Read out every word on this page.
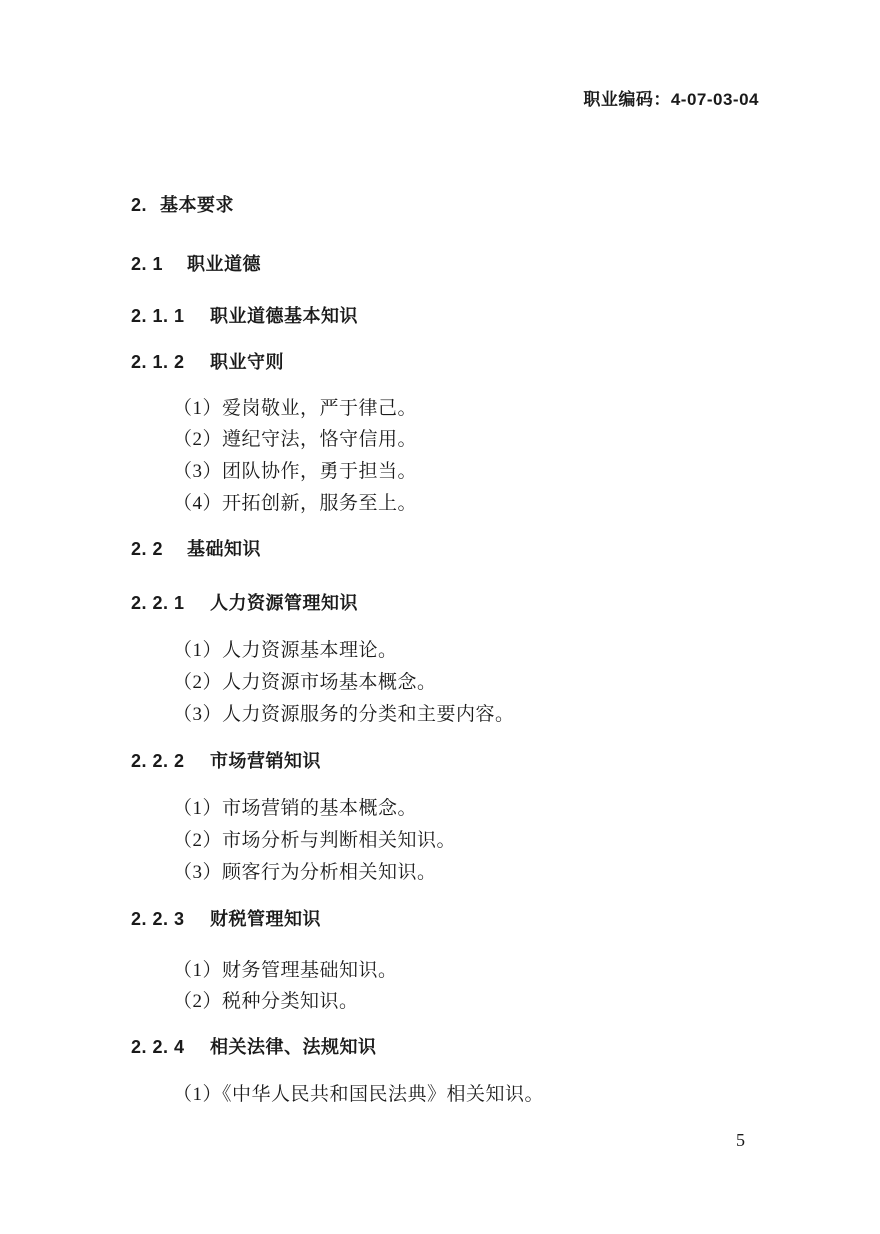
职业编码：4-07-03-04
2. 基本要求
2. 1 职业道德
2. 1. 1 职业道德基本知识
2. 1. 2 职业守则
（1）爱岗敬业，严于律己。
（2）遵纪守法，恪守信用。
（3）团队协作，勇于担当。
（4）开拓创新，服务至上。
2. 2 基础知识
2. 2. 1 人力资源管理知识
（1）人力资源基本理论。
（2）人力资源市场基本概念。
（3）人力资源服务的分类和主要内容。
2. 2. 2 市场营销知识
（1）市场营销的基本概念。
（2）市场分析与判断相关知识。
（3）顾客行为分析相关知识。
2. 2. 3 财税管理知识
（1）财务管理基础知识。
（2）税种分类知识。
2. 2. 4 相关法律、法规知识
（1）《中华人民共和国民法典》相关知识。
5
